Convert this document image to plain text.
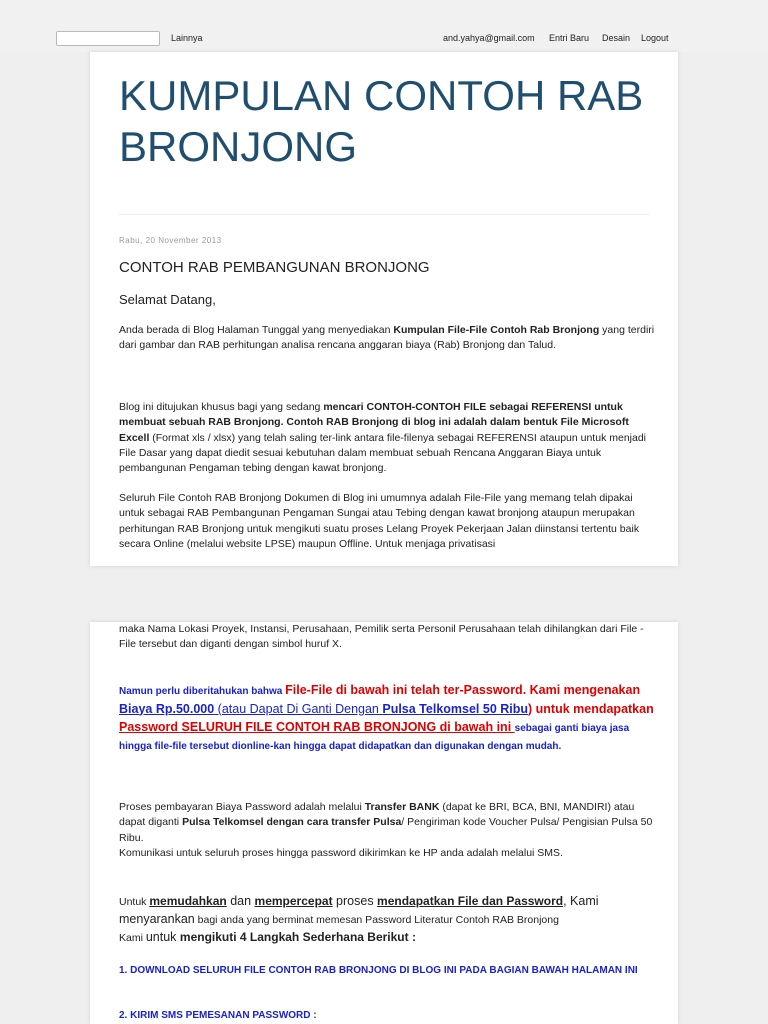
Lainnya	and.yahya@gmail.com Entri Baru Desain Logout
KUMPULAN CONTOH RAB BRONJONG
Rabu, 20 November 2013
CONTOH RAB PEMBANGUNAN BRONJONG
Selamat Datang,
Anda berada di Blog Halaman Tunggal yang menyediakan Kumpulan File-File Contoh Rab Bronjong yang terdiri dari gambar dan RAB perhitungan analisa rencana anggaran biaya (Rab) Bronjong dan Talud.
Blog ini ditujukan khusus bagi yang sedang mencari CONTOH-CONTOH FILE sebagai REFERENSI untuk membuat sebuah RAB Bronjong. Contoh RAB Bronjong di blog ini adalah dalam bentuk File Microsoft Excell (Format xls / xlsx) yang telah saling ter-link antara file-filenya sebagai REFERENSI ataupun untuk menjadi File Dasar yang dapat diedit sesuai kebutuhan dalam membuat sebuah Rencana Anggaran Biaya untuk pembangunan Pengaman tebing dengan kawat bronjong.
Seluruh File Contoh RAB Bronjong Dokumen di Blog ini umumnya adalah File-File yang memang telah dipakai untuk sebagai RAB Pembangunan Pengaman Sungai atau Tebing dengan kawat bronjong ataupun merupakan perhitungan RAB Bronjong untuk mengikuti suatu proses Lelang Proyek Pekerjaan Jalan diinstansi tertentu baik secara Online (melalui website LPSE) maupun Offline. Untuk menjaga privatisasi
maka Nama Lokasi Proyek, Instansi, Perusahaan, Pemilik serta Personil Perusahaan telah dihilangkan dari File - File tersebut dan diganti dengan simbol huruf X.
Namun perlu diberitahukan bahwa File-File di bawah ini telah ter-Password. Kami mengenakan Biaya Rp.50.000 (atau Dapat Di Ganti Dengan Pulsa Telkomsel 50 Ribu) untuk mendapatkan Password SELURUH FILE CONTOH RAB BRONJONG di bawah ini sebagai ganti biaya jasa hingga file-file tersebut dionline-kan hingga dapat didapatkan dan digunakan dengan mudah.
Proses pembayaran Biaya Password adalah melalui Transfer BANK (dapat ke BRI, BCA, BNI, MANDIRI) atau dapat diganti Pulsa Telkomsel dengan cara transfer Pulsa/ Pengiriman kode Voucher Pulsa/ Pengisian Pulsa 50 Ribu.
Komunikasi untuk seluruh proses hingga password dikirimkan ke HP anda adalah melalui SMS.
Untuk memudahkan dan mempercepat proses mendapatkan File dan Password, Kami menyarankan bagi anda yang berminat memesan Password Literatur Contoh RAB Bronjong
Kami untuk mengikuti 4 Langkah Sederhana Berikut :
1. DOWNLOAD SELURUH FILE CONTOH RAB BRONJONG DI BLOG INI PADA BAGIAN BAWAH HALAMAN INI
2. KIRIM SMS PEMESANAN PASSWORD :
